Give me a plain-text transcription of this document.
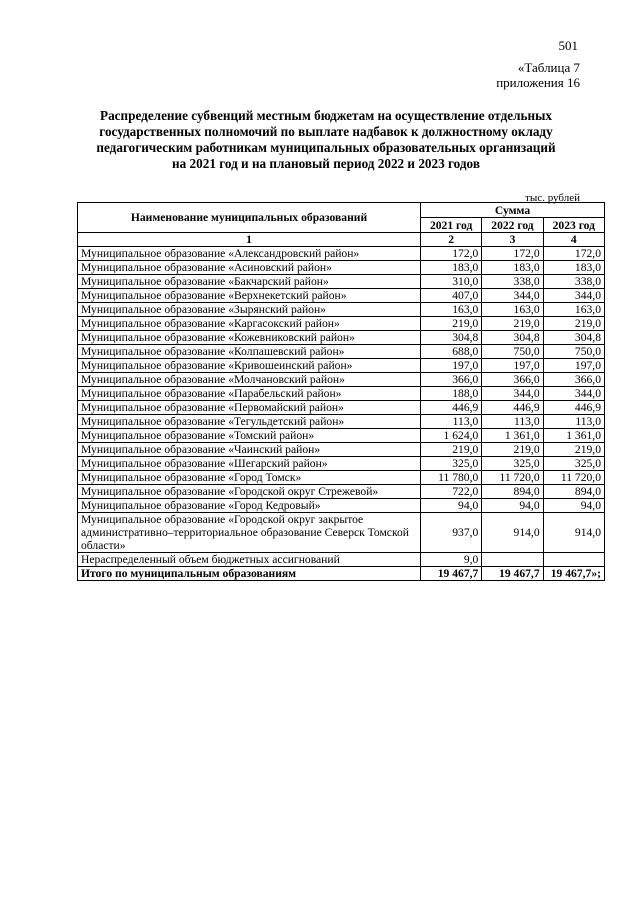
501
«Таблица 7
приложения 16
Распределение субвенций местным бюджетам на осуществление отдельных
государственных полномочий по выплате надбавок к должностному окладу
педагогическим работникам муниципальных образовательных организаций
на 2021 год и на плановый период 2022 и 2023 годов
тыс. рублей
Наименование муниципальных образований	Сумма		
	2021 год	2022 год	2023 год
1	2	3	4
Муниципальное образование «Александровский район»	172,0	172,0	172,0
Муниципальное образование «Асиновский район»	183,0	183,0	183,0
Муниципальное образование «Бакчарский район»	310,0	338,0	338,0
Муниципальное образование «Верхнекетский район»	407,0	344,0	344,0
Муниципальное образование «Зырянский район»	163,0	163,0	163,0
Муниципальное образование «Каргасокский район»	219,0	219,0	219,0
Муниципальное образование «Кожевниковский район»	304,8	304,8	304,8
Муниципальное образование «Колпашевский район»	688,0	750,0	750,0
Муниципальное образование «Кривошеинский район»	197,0	197,0	197,0
Муниципальное образование «Молчановский район»	366,0	366,0	366,0
Муниципальное образование «Парабельский район»	188,0	344,0	344,0
Муниципальное образование «Первомайский район»	446,9	446,9	446,9
Муниципальное образование «Тегульдетский район»	113,0	113,0	113,0
Муниципальное образование «Томский район»	1 624,0	1 361,0	1 361,0
Муниципальное образование «Чаинский район»	219,0	219,0	219,0
Муниципальное образование «Шегарский район»	325,0	325,0	325,0
Муниципальное образование «Город Томск»	11 780,0	11 720,0	11 720,0
Муниципальное образование «Городской округ Стрежевой»	722,0	894,0	894,0
Муниципальное образование «Город Кедровый»	94,0	94,0	94,0
Муниципальное образование «Городской округ закрытое административно–территориальное образование Северск Томской области»	937,0	914,0	914,0
Нераспределенный объем бюджетных ассигнований	9,0		
Итого по муниципальным образованиям	19 467,7	19 467,7	19 467,7»;
